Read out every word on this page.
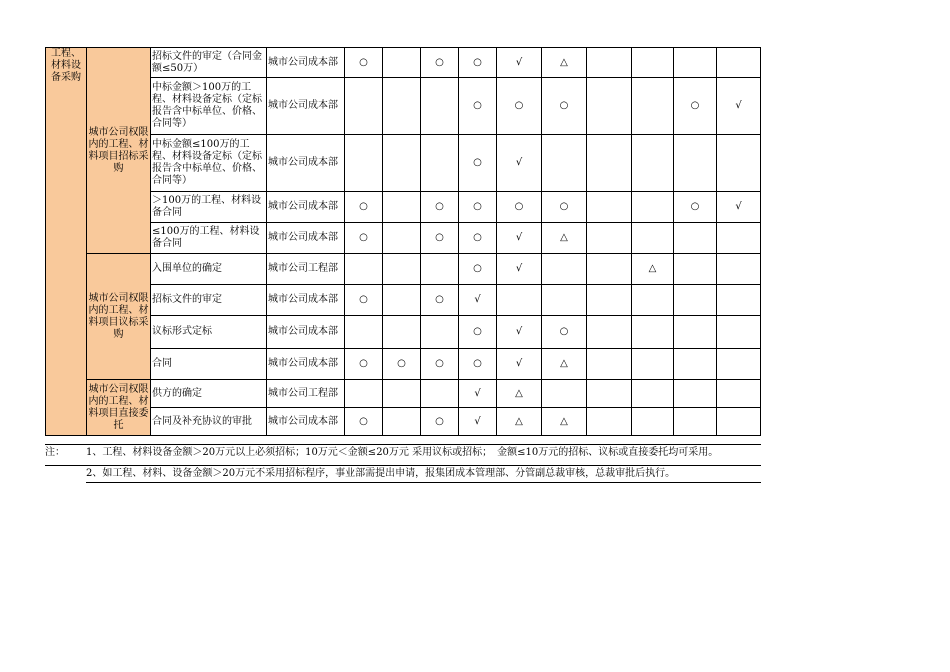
工程、材料设备采购	城市公司权限内的工程、材料项目招标采购	招标文件的审定（合同金额≤50万）	城市公司成本部	○		○	○	√	△				
		中标金额＞100万的工程、材料设备定标（定标报告含中标单位、价格、合同等）	城市公司成本部				○	○	○			○	√
		中标金额≤100万的工程、材料设备定标（定标报告含中标单位、价格、合同等）	城市公司成本部				○	√					
		＞100万的工程、材料设备合同	城市公司成本部	○		○	○	○	○			○	√
		≤100万的工程、材料设备合同	城市公司成本部	○		○	○	√	△				
	城市公司权限内的工程、材料项目议标采购	入围单位的确定	城市公司工程部				○	√			△		
		招标文件的审定	城市公司成本部	○		○	√						
		议标形式定标	城市公司成本部				○	√	○				
		合同	城市公司成本部	○	○	○	○	√	△				
	城市公司权限内的工程、材料项目直接委托	供方的确定	城市公司工程部				√	△					
		合同及补充协议的审批	城市公司成本部	○		○	√	△	△				
注： 1、工程、材料设备金额＞20万元以上必须招标；10万元＜金额≤20万元 采用议标或招标；　金额≤10万元的招标、议标或直接委托均可采用。
2、如工程、材料、设备金额＞20万元不采用招标程序，事业部需提出申请，报集团成本管理部、分管副总裁审核，总裁审批后执行。
